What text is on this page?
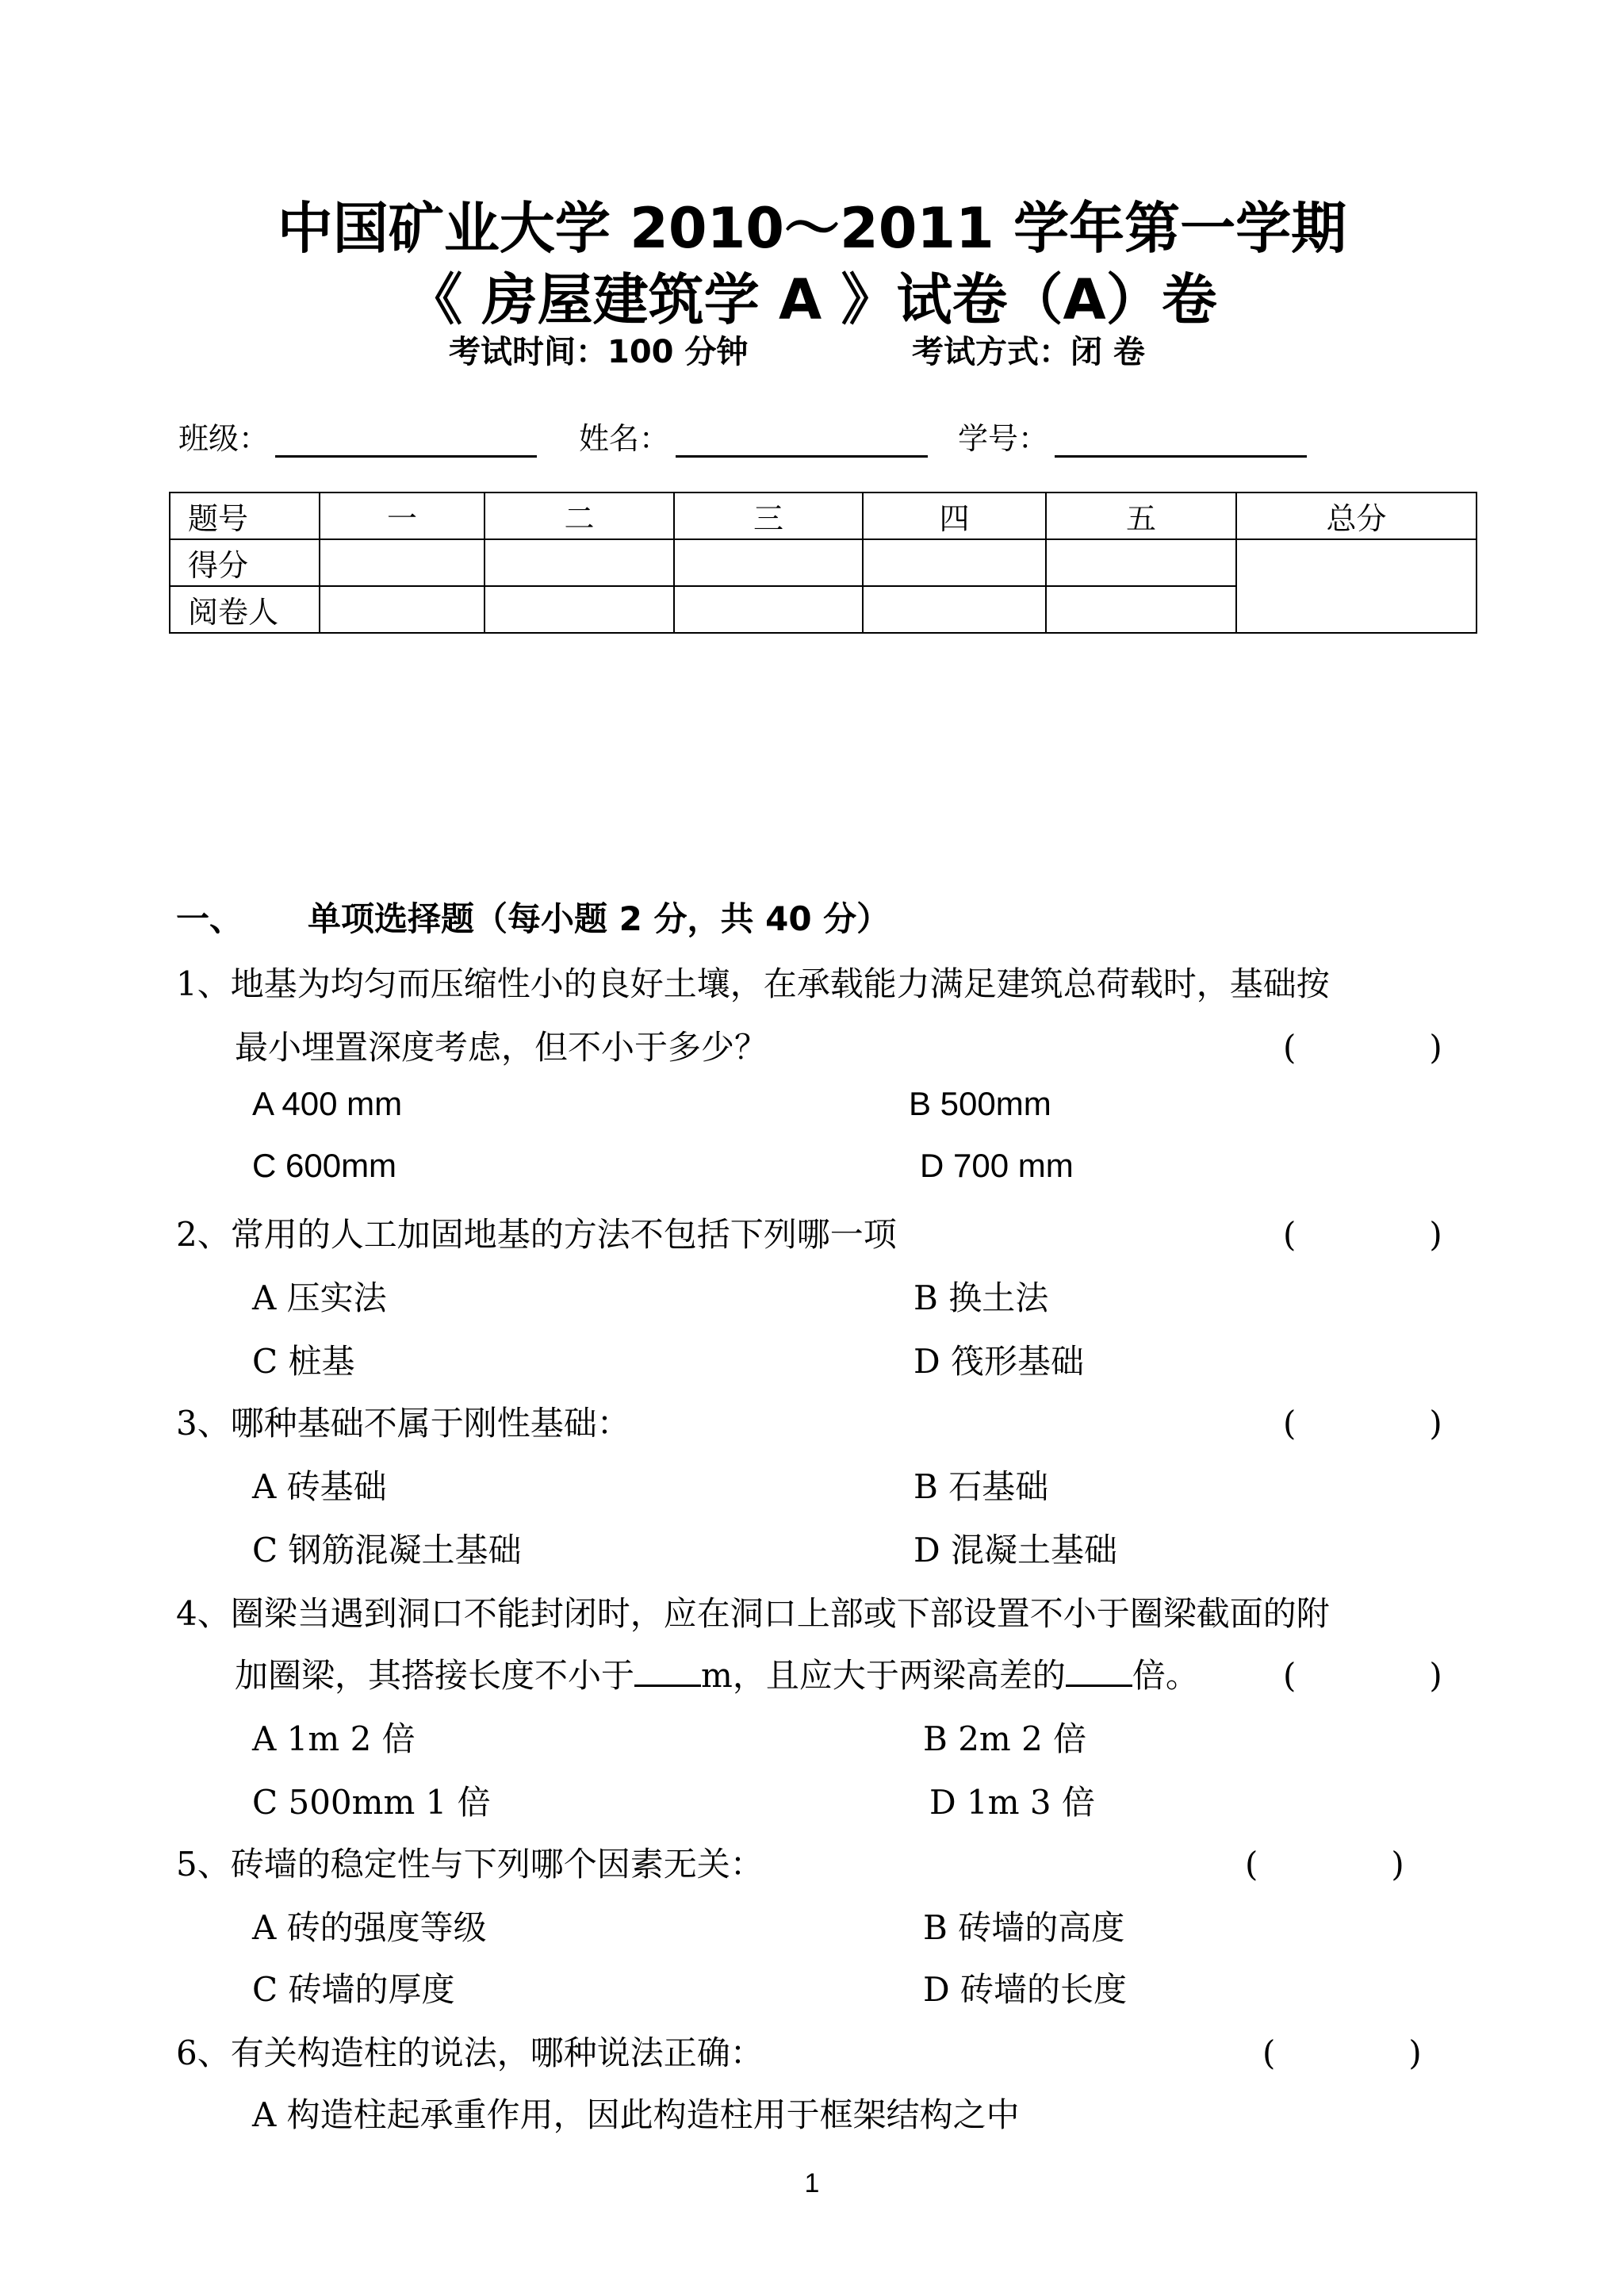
中国矿业大学 2010～2011 学年第一学期
《 房屋建筑学 A 》试卷（A）卷
考试时间：100 分钟	考试方式：闭 卷
班级：	姓名：	学号：
题号	一	二	三	四	五	总分
得分						
阅卷人						
一、 单项选择题（每小题 2 分，共 40 分）
1、地基为均匀而压缩性小的良好土壤，在承载能力满足建筑总荷载时，基础按
最小埋置深度考虑，但不小于多少？	(　　　　)
A 400 mm	B 500mm
C 600mm	D 700 mm
2、常用的人工加固地基的方法不包括下列哪一项	(　　　　)
A 压实法	B 换土法
C 桩基	D 筏形基础
3、哪种基础不属于刚性基础：	(　　　　)
A 砖基础	B 石基础
C 钢筋混凝土基础	D 混凝土基础
4、圈梁当遇到洞口不能封闭时，应在洞口上部或下部设置不小于圈梁截面的附
加圈梁，其搭接长度不小于 m，且应大于两梁高差的 倍。	(　　　　)
A 1m 2 倍	B 2m 2 倍
C 500mm 1 倍	D 1m 3 倍
5、砖墙的稳定性与下列哪个因素无关：	(　　　　)
A 砖的强度等级	B 砖墙的高度
C 砖墙的厚度	D 砖墙的长度
6、有关构造柱的说法，哪种说法正确：	(　　　　)
A 构造柱起承重作用，因此构造柱用于框架结构之中
1
